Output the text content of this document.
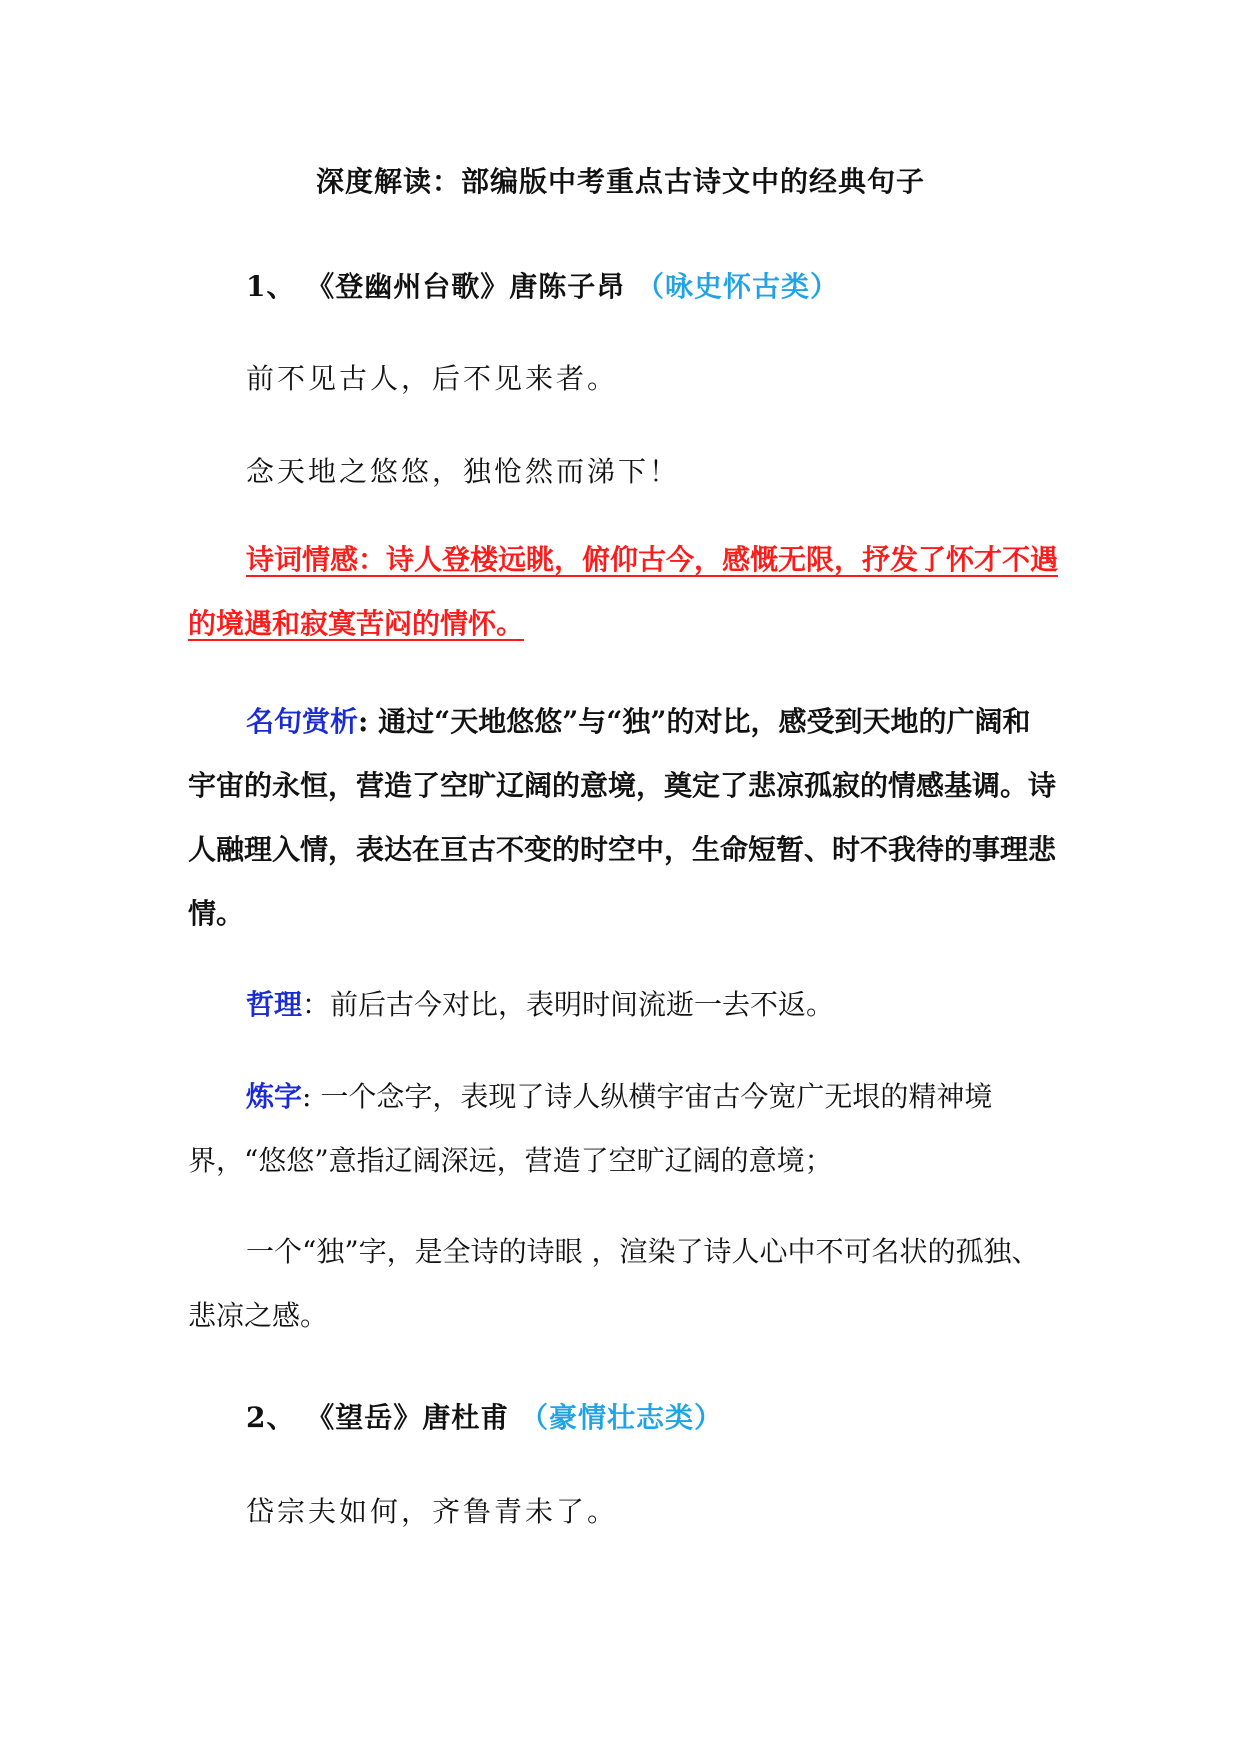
深度解读：部编版中考重点古诗文中的经典句子
1、 《登幽州台歌》唐陈子昂 （咏史怀古类）
前不见古人，后不见来者。
念天地之悠悠，独怆然而涕下！
诗词情感：诗人登楼远眺，俯仰古今，感慨无限，抒发了怀才不遇的境遇和寂寞苦闷的情怀。
名句赏析: 通过“天地悠悠”与“独”的对比，感受到天地的广阔和宇宙的永恒，营造了空旷辽阔的意境，奠定了悲凉孤寂的情感基调。诗人融理入情，表达在亘古不变的时空中，生命短暂、时不我待的事理悲情。
哲理：前后古今对比，表明时间流逝一去不返。
炼字: 一个念字，表现了诗人纵横宇宙古今宽广无垠的精神境界，“悠悠”意指辽阔深远，营造了空旷辽阔的意境；
一个“独”字，是全诗的诗眼 ，渲染了诗人心中不可名状的孤独、悲凉之感。
2、 《望岳》唐杜甫 （豪情壮志类）
岱宗夫如何，齐鲁青未了。
